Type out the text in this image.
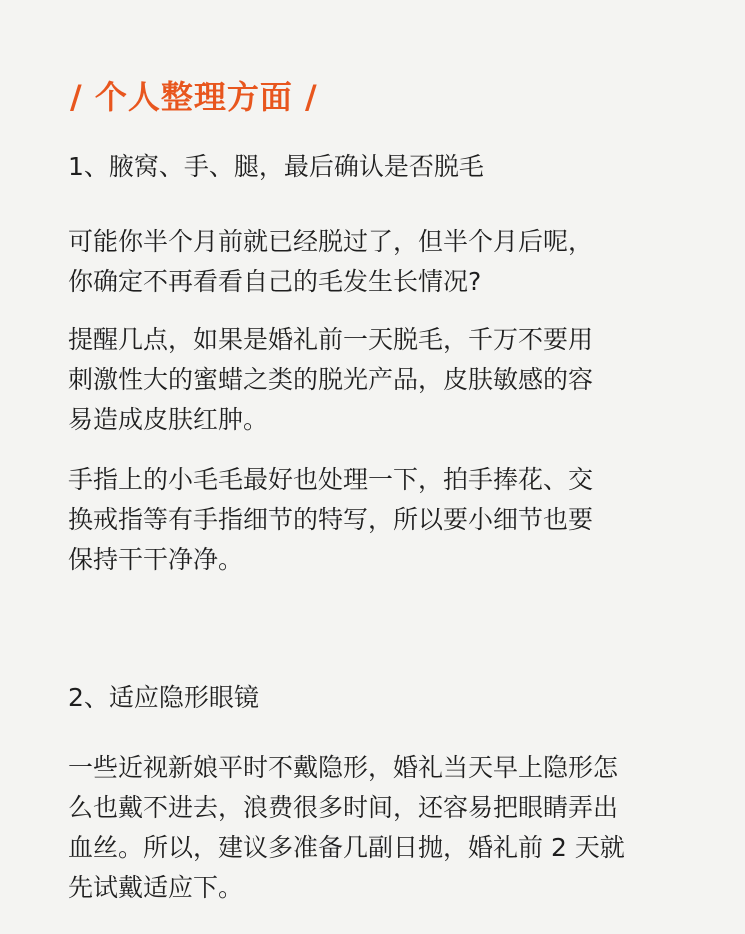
/ 个人整理方面 /

1、腋窝、手、腿，最后确认是否脱毛

可能你半个月前就已经脱过了，但半个月后呢，
你确定不再看看自己的毛发生长情况?

提醒几点，如果是婚礼前一天脱毛，千万不要用
刺激性大的蜜蜡之类的脱光产品，皮肤敏感的容
易造成皮肤红肿。

手指上的小毛毛最好也处理一下，拍手捧花、交
换戒指等有手指细节的特写，所以要小细节也要
保持干干净净。

2、适应隐形眼镜

一些近视新娘平时不戴隐形，婚礼当天早上隐形怎
么也戴不进去，浪费很多时间，还容易把眼睛弄出
血丝。所以，建议多准备几副日抛，婚礼前 2 天就
先试戴适应下。
